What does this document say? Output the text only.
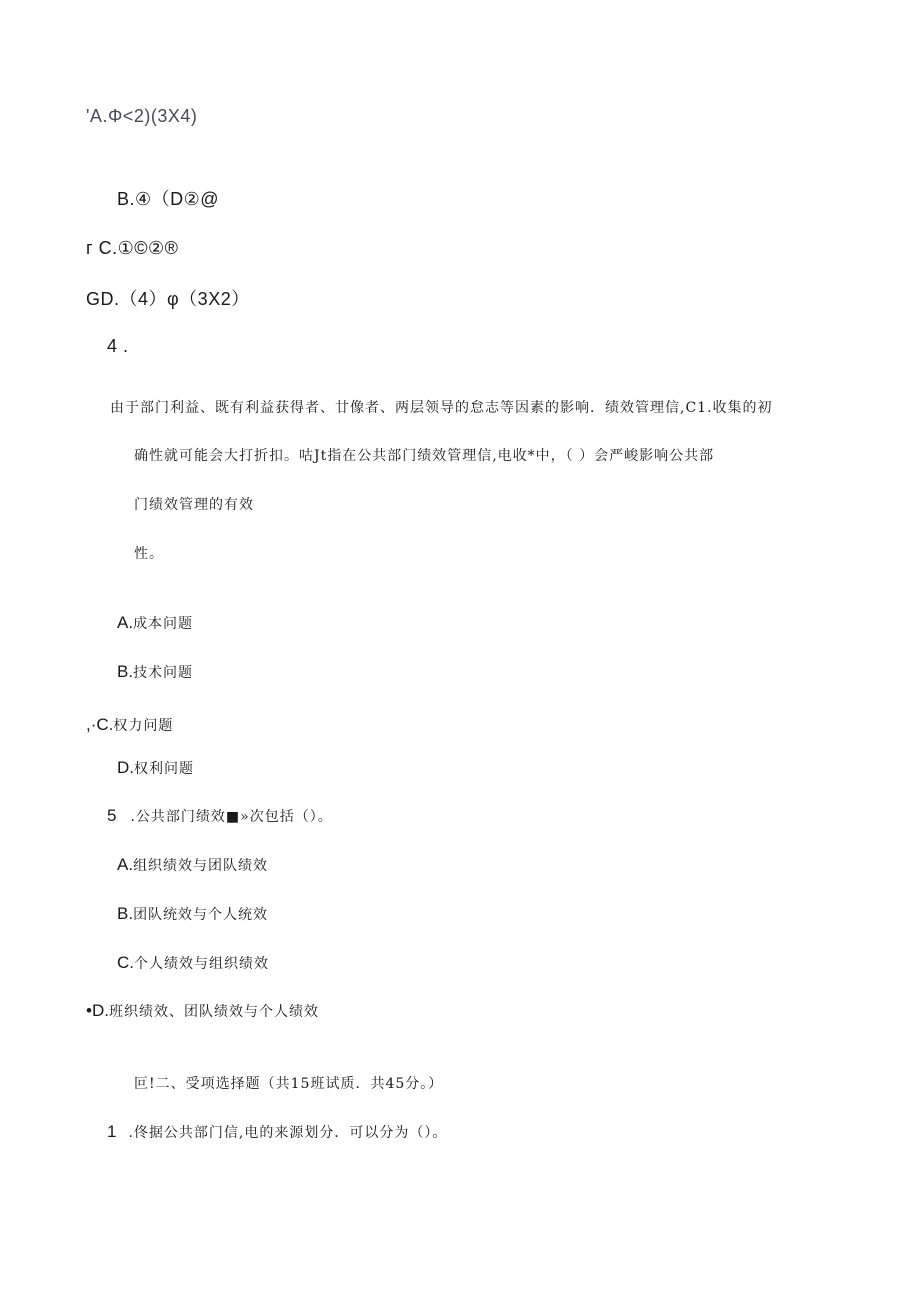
'A.Φ<2)(3X4)
B.④（D②@
г C.①©②®
GD.（4）φ（3X2）
4 .
由于部门利益、既有利益获得者、廿像者、两层领导的怠志等因素的影响．绩效管理信,C1.收集的初
确性就可能会大打折扣。咕Jt指在公共部门绩效管理信,电收*中，（ ）会严峻影响公共部
门绩效管理的有效
性。
A.成本问题
B.技术问题
,·C.权力问题
D.权利问题
5 .公共部门绩效■»次包括（）。
A.组织绩效与团队绩效
B.团队统效与个人统效
C.个人绩效与组织绩效
•D.班织绩效、团队绩效与个人绩效
叵!二、受项选择题（共15班试质．共45分。）
1 .佟据公共部门信,电的来源划分．可以分为（）。
